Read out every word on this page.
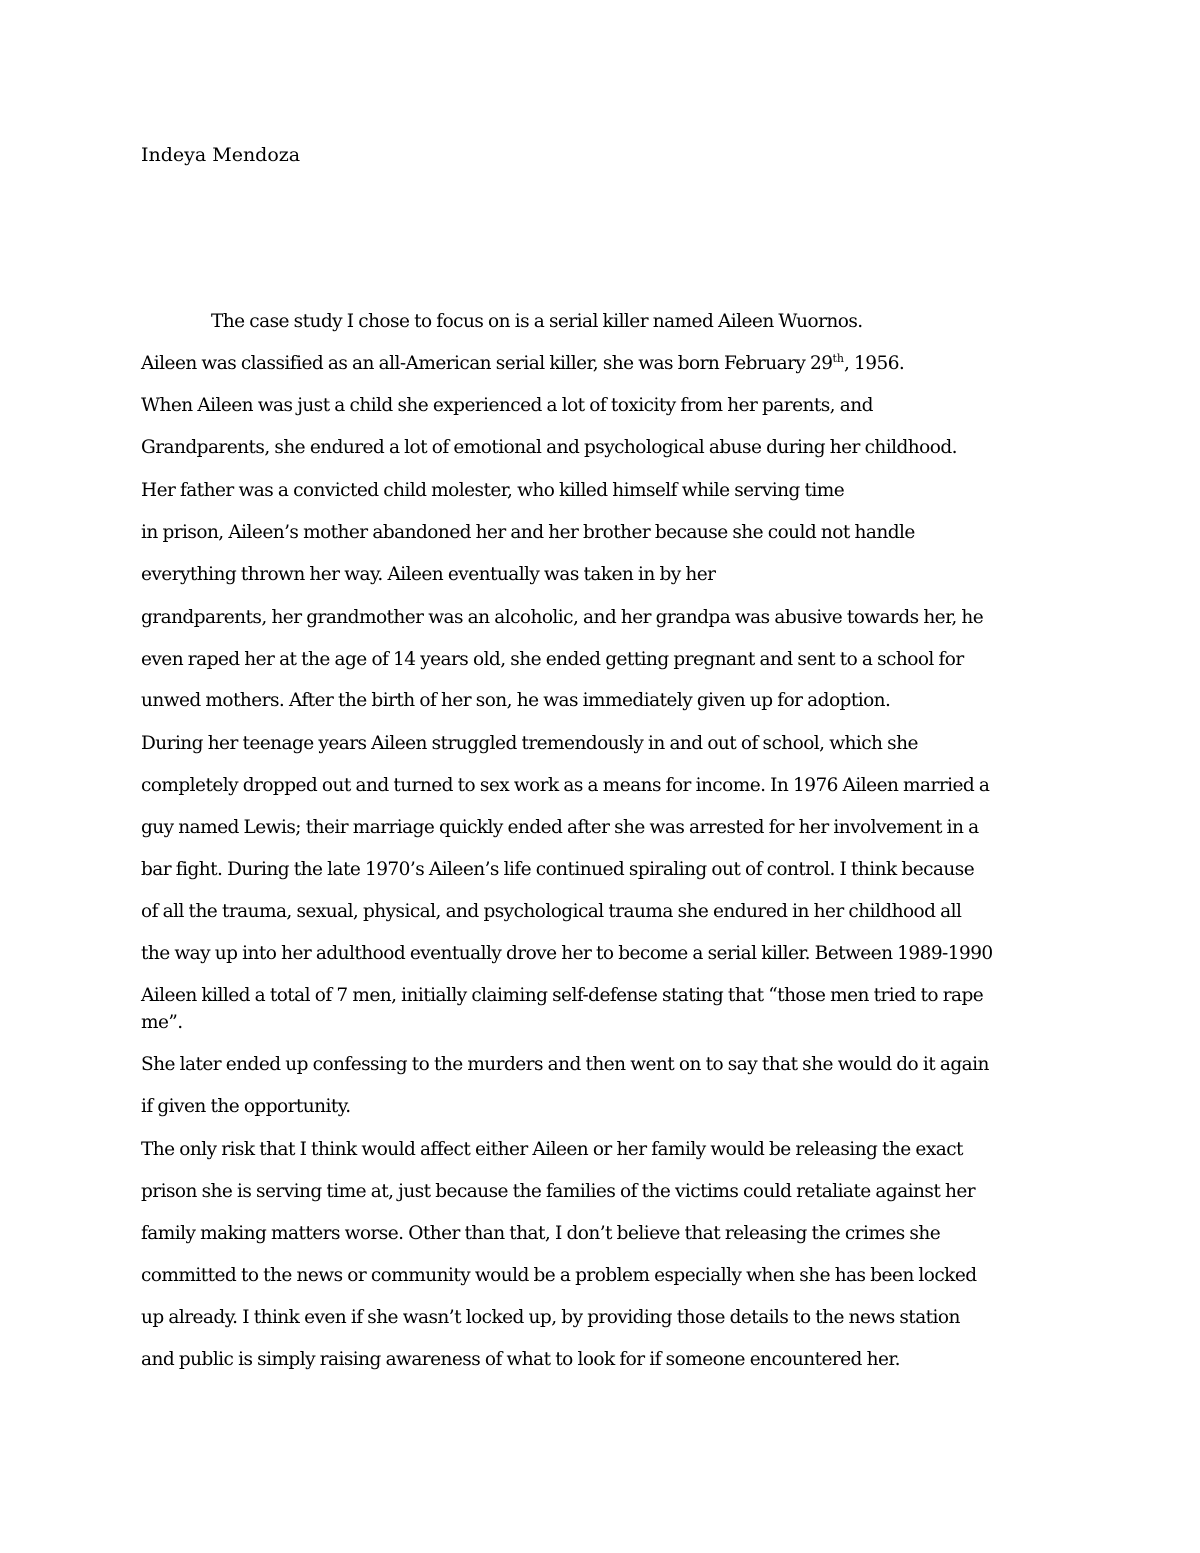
Indeya Mendoza
The case study I chose to focus on is a serial killer named Aileen Wuornos.
Aileen was classified as an all-American serial killer, she was born February 29th, 1956.
When Aileen was just a child she experienced a lot of toxicity from her parents, and
Grandparents, she endured a lot of emotional and psychological abuse during her childhood.
Her father was a convicted child molester, who killed himself while serving time
in prison, Aileen’s mother abandoned her and her brother because she could not handle
everything thrown her way. Aileen eventually was taken in by her
grandparents, her grandmother was an alcoholic, and her grandpa was abusive towards her, he
even raped her at the age of 14 years old, she ended getting pregnant and sent to a school for
unwed mothers. After the birth of her son, he was immediately given up for adoption.
During her teenage years Aileen struggled tremendously in and out of school, which she
completely dropped out and turned to sex work as a means for income. In 1976 Aileen married a
guy named Lewis; their marriage quickly ended after she was arrested for her involvement in a
bar fight. During the late 1970’s Aileen’s life continued spiraling out of control. I think because
of all the trauma, sexual, physical, and psychological trauma she endured in her childhood all
the way up into her adulthood eventually drove her to become a serial killer. Between 1989-1990
Aileen killed a total of 7 men, initially claiming self-defense stating that “those men tried to rape
me”.
She later ended up confessing to the murders and then went on to say that she would do it again
if given the opportunity.
The only risk that I think would affect either Aileen or her family would be releasing the exact
prison she is serving time at, just because the families of the victims could retaliate against her
family making matters worse. Other than that, I don’t believe that releasing the crimes she
committed to the news or community would be a problem especially when she has been locked
up already. I think even if she wasn’t locked up, by providing those details to the news station
and public is simply raising awareness of what to look for if someone encountered her.
